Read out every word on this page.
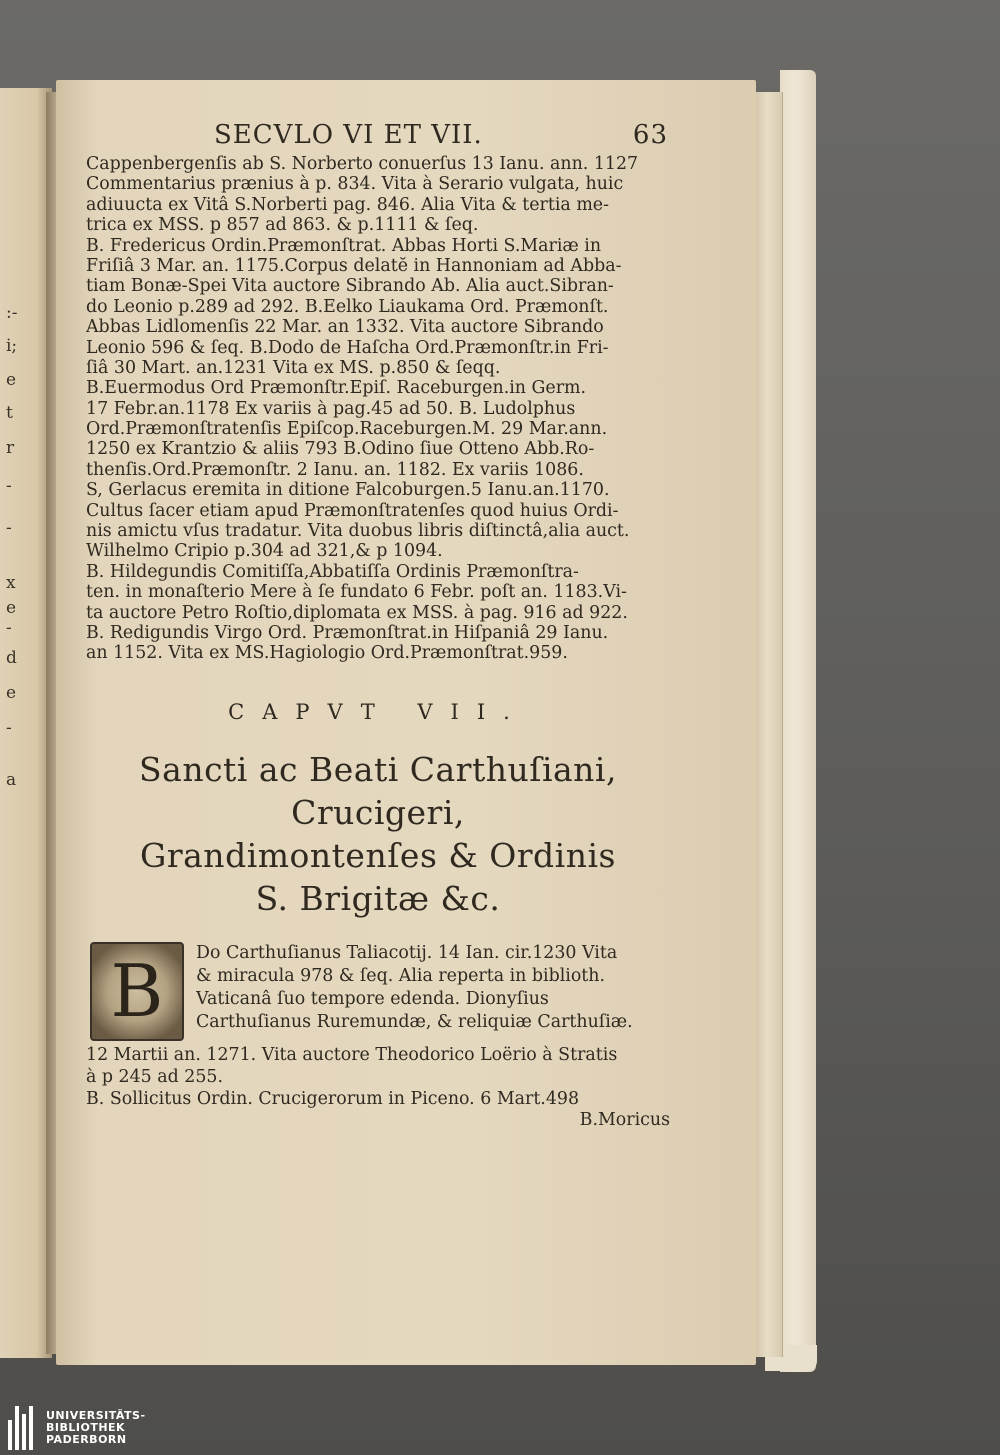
:-
i;
e
t
r
-
-
x
e
-
d
e
-
a
SECVLO VI ET VII.	63
Cappenbergenſis ab S. Norberto conuerſus 13 Ianu. ann. 1127
Commentarius prænius à p. 834. Vita à Serario vulgata, huic
adiuucta ex Vitâ S.Norberti pag. 846. Alia Vita & tertia me-
trica ex MSS. p 857 ad 863. & p.1111 & ſeq.
B. Fredericus Ordin.Præmonſtrat. Abbas Horti S.Mariæ in
Friſiâ 3 Mar. an. 1175.Corpus delatĕ in Hannoniam ad Abba-
tiam Bonæ-Spei Vita auctore Sibrando Ab. Alia auct.Sibran-
do Leonio p.289 ad 292. B.Eelko Liaukama Ord. Præmonſt.
Abbas Lidlomenſis 22 Mar. an 1332. Vita auctore Sibrando
Leonio 596 & ſeq. B.Dodo de Haſcha Ord.Præmonſtr.in Fri-
ſiâ 30 Mart. an.1231 Vita ex MS. p.850 & ſeqq.
B.Euermodus Ord Præmonſtr.Epiſ. Raceburgen.in Germ.
17 Febr.an.1178 Ex variis à pag.45 ad 50. B. Ludolphus
Ord.Præmonſtratenſis Epiſcop.Raceburgen.M. 29 Mar.ann.
1250 ex Krantzio & aliis 793 B.Odino ſiue Otteno Abb.Ro-
thenſis.Ord.Præmonſtr. 2 Ianu. an. 1182. Ex variis 1086.
S, Gerlacus eremita in ditione Falcoburgen.5 Ianu.an.1170.
Cultus ſacer etiam apud Præmonſtratenſes quod huius Ordi-
nis amictu vſus tradatur. Vita duobus libris diſtinctâ,alia auct.
Wilhelmo Cripio p.304 ad 321,& p 1094.
B. Hildegundis Comitiſſa,Abbatiſſa Ordinis Præmonſtra-
ten. in monaſterio Mere à ſe fundato 6 Febr. poſt an. 1183.Vi-
ta auctore Petro Roſtio,diplomata ex MSS. à pag. 916 ad 922.
B. Redigundis Virgo Ord. Præmonſtrat.in Hiſpaniâ 29 Ianu.
an 1152. Vita ex MS.Hagiologio Ord.Præmonſtrat.959.
CAPVT VII.
Sancti ac Beati Carthuſiani, Crucigeri,
Grandimontenſes & Ordinis
S. Brigitæ &c.
B	Do Carthuſianus Taliacotij. 14 Ian. cir.1230 Vita
& miracula 978 & ſeq. Alia reperta in biblioth.
Vaticanâ ſuo tempore edenda. Dionyſius
Carthuſianus Ruremundæ, & reliquiæ Carthuſiæ.
12 Martii an. 1271. Vita auctore Theodorico Loërio à Stratis
à p 245 ad 255.
B. Sollicitus Ordin. Crucigerorum in Piceno. 6 Mart.498
B.Moricus
UNIVERSITÄTS-
BIBLIOTHEK
PADERBORN
